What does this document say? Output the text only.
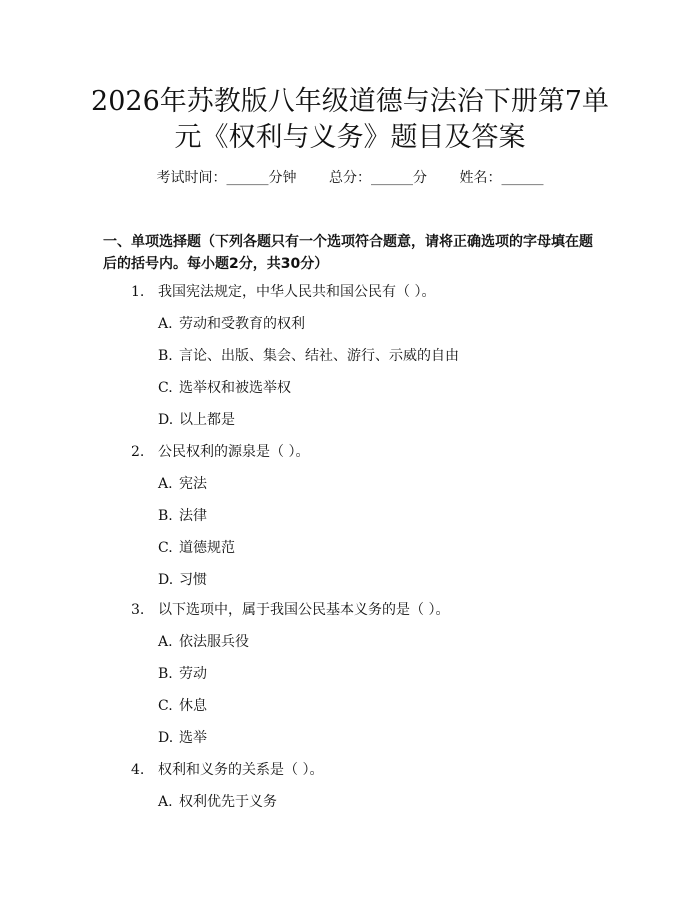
2026年苏教版八年级道德与法治下册第7单
元《权利与义务》题目及答案
考试时间：______分钟 总分：______分 姓名：______
一、单项选择题（下列各题只有一个选项符合题意，请将正确选项的字母填在题后的括号内。每小题2分，共30分）
1. 我国宪法规定，中华人民共和国公民有（ ）。
A. 劳动和受教育的权利
B. 言论、出版、集会、结社、游行、示威的自由
C. 选举权和被选举权
D. 以上都是
2. 公民权利的源泉是（ ）。
A. 宪法
B. 法律
C. 道德规范
D. 习惯
3. 以下选项中，属于我国公民基本义务的是（ ）。
A. 依法服兵役
B. 劳动
C. 休息
D. 选举
4. 权利和义务的关系是（ ）。
A. 权利优先于义务
